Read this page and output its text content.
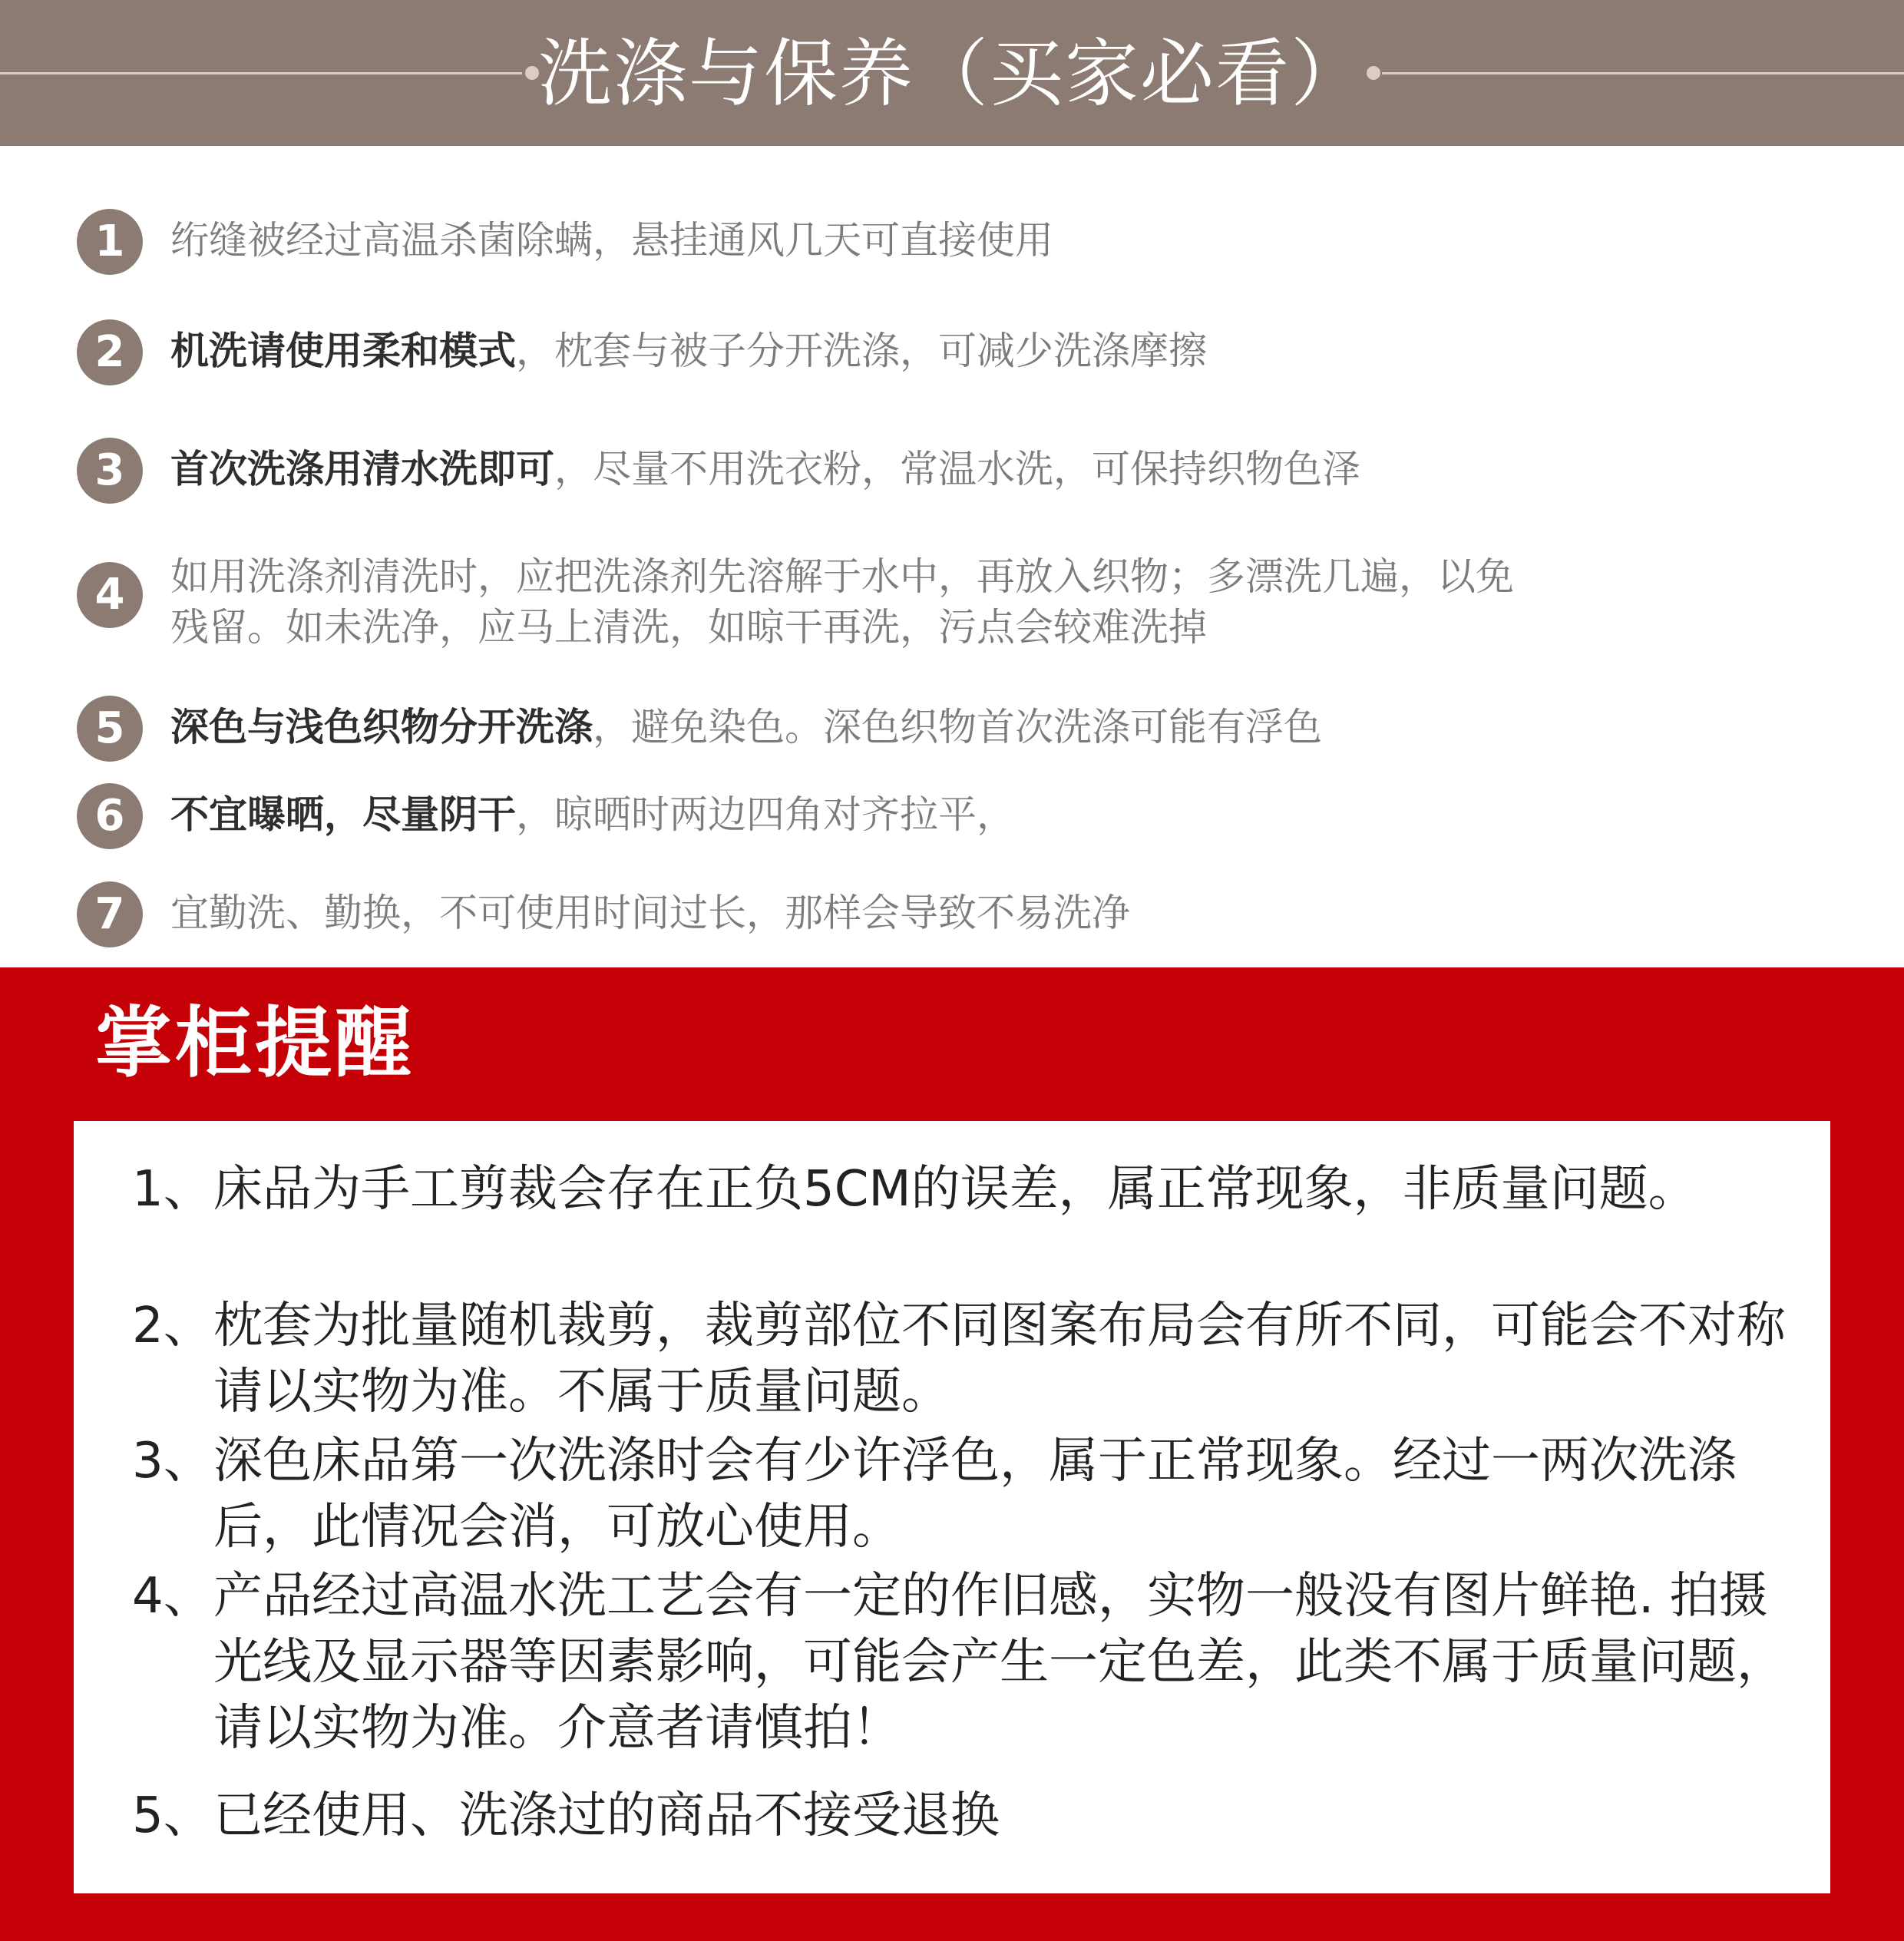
洗涤与保养（买家必看）
1	绗缝被经过高温杀菌除螨，悬挂通风几天可直接使用
2	机洗请使用柔和模式，枕套与被子分开洗涤，可减少洗涤摩擦
3	首次洗涤用清水洗即可，尽量不用洗衣粉，常温水洗，可保持织物色泽
4	如用洗涤剂清洗时，应把洗涤剂先溶解于水中，再放入织物；多漂洗几遍，以免残留。如未洗净，应马上清洗，如晾干再洗，污点会较难洗掉
5	深色与浅色织物分开洗涤，避免染色。深色织物首次洗涤可能有浮色
6	不宜曝晒，尽量阴干，晾晒时两边四角对齐拉平，
7	宜勤洗、勤换，不可使用时间过长，那样会导致不易洗净
掌柜提醒
1、 床品为手工剪裁会存在正负5CM的误差，属正常现象，非质量问题。
2、 枕套为批量随机裁剪，裁剪部位不同图案布局会有所不同，可能会不对称请以实物为准。不属于质量问题。
3、 深色床品第一次洗涤时会有少许浮色，属于正常现象。经过一两次洗涤后，此情况会消，可放心使用。
4、 产品经过高温水洗工艺会有一定的作旧感，实物一般没有图片鲜艳. 拍摄光线及显示器等因素影响，可能会产生一定色差，此类不属于质量问题，请以实物为准。介意者请慎拍！
5、 已经使用、洗涤过的商品不接受退换
